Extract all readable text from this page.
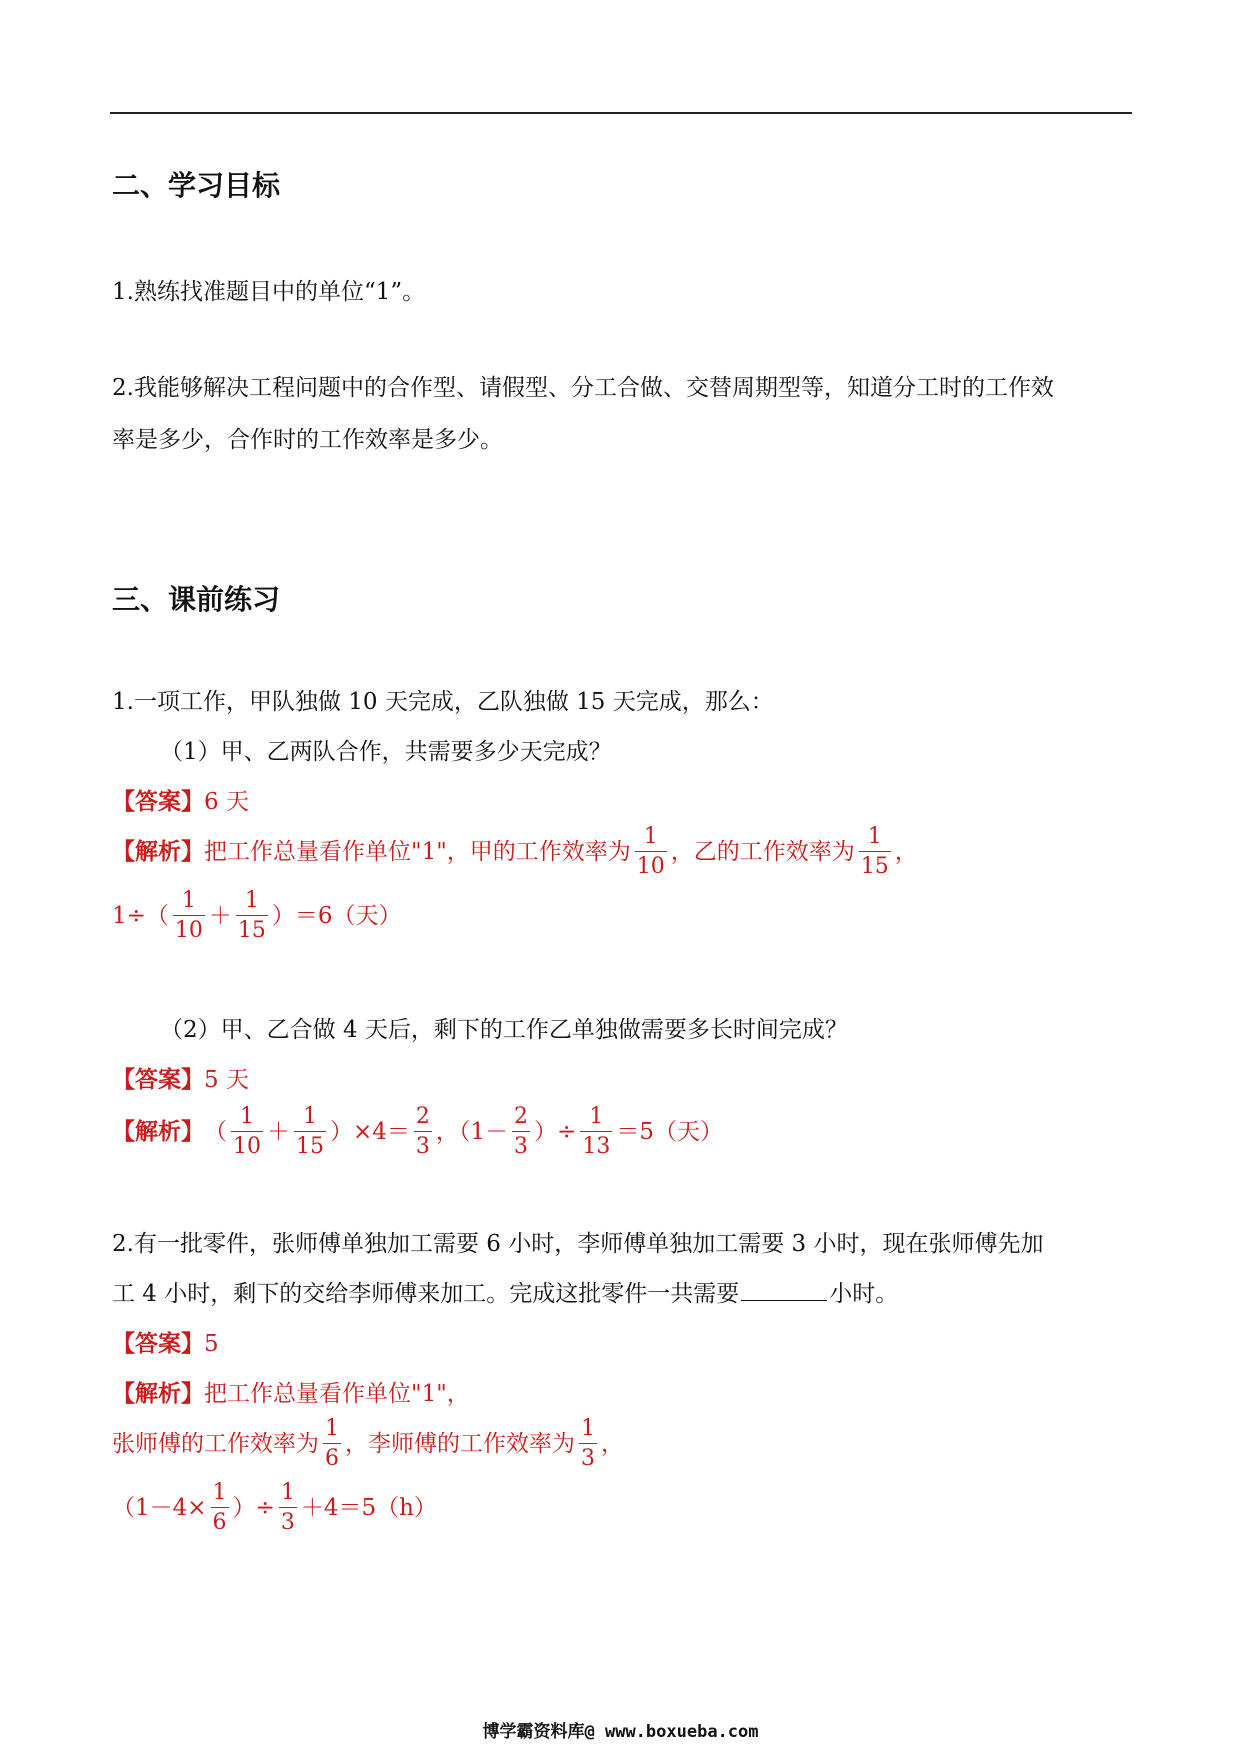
二、学习目标
1.熟练找准题目中的单位“1”。
2.我能够解决工程问题中的合作型、请假型、分工合做、交替周期型等，知道分工时的工作效
率是多少，合作时的工作效率是多少。
三、课前练习
1.一项工作，甲队独做 10 天完成，乙队独做 15 天完成，那么：
（1）甲、乙两队合作，共需要多少天完成？
【答案】6 天
【解析】 把工作总量看作单位"1"，甲的工作效率为 $\frac{1}{10}$ ，乙的工作效率为 $\frac{1}{15}$ ，
$1\div( \frac{1}{10} + \frac{1}{15} )=6$（天）
（2）甲、乙合做 4 天后，剩下的工作乙单独做需要多长时间完成？
【答案】5 天
【解析】 （ $\frac{1}{10} + \frac{1}{15} )\times 4= \frac{2}{3}$ ，（$1- \frac{2}{3}$ ）÷ $\frac{1}{13} =5$（天）
2.有一批零件，张师傅单独加工需要 6 小时，李师傅单独加工需要 3 小时，现在张师傅先加
工 4 小时，剩下的交给李师傅来加工。完成这批零件一共需要	小时。
【答案】5
【解析】把工作总量看作单位"1"，
张师傅的工作效率为 $\frac{1}{6}$ ，李师傅的工作效率为 $\frac{1}{3}$ ，
（$1-4\times \frac{1}{6}$ ）÷ $\frac{1}{3} +4=5(h)$
博学霸资料库@ www.boxueba.com
